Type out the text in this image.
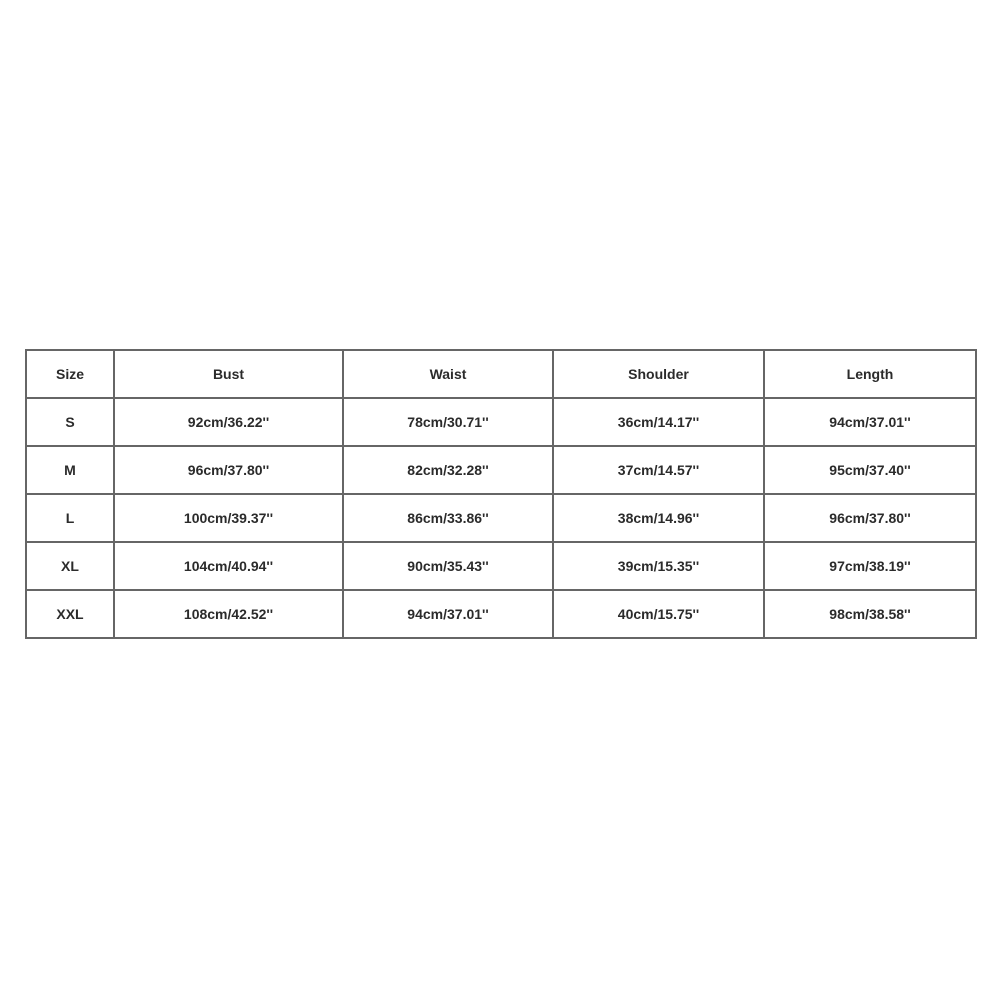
Size	Bust	Waist	Shoulder	Length
S	92cm/36.22''	78cm/30.71''	36cm/14.17''	94cm/37.01''
M	96cm/37.80''	82cm/32.28''	37cm/14.57''	95cm/37.40''
L	100cm/39.37''	86cm/33.86''	38cm/14.96''	96cm/37.80''
XL	104cm/40.94''	90cm/35.43''	39cm/15.35''	97cm/38.19''
XXL	108cm/42.52''	94cm/37.01''	40cm/15.75''	98cm/38.58''
